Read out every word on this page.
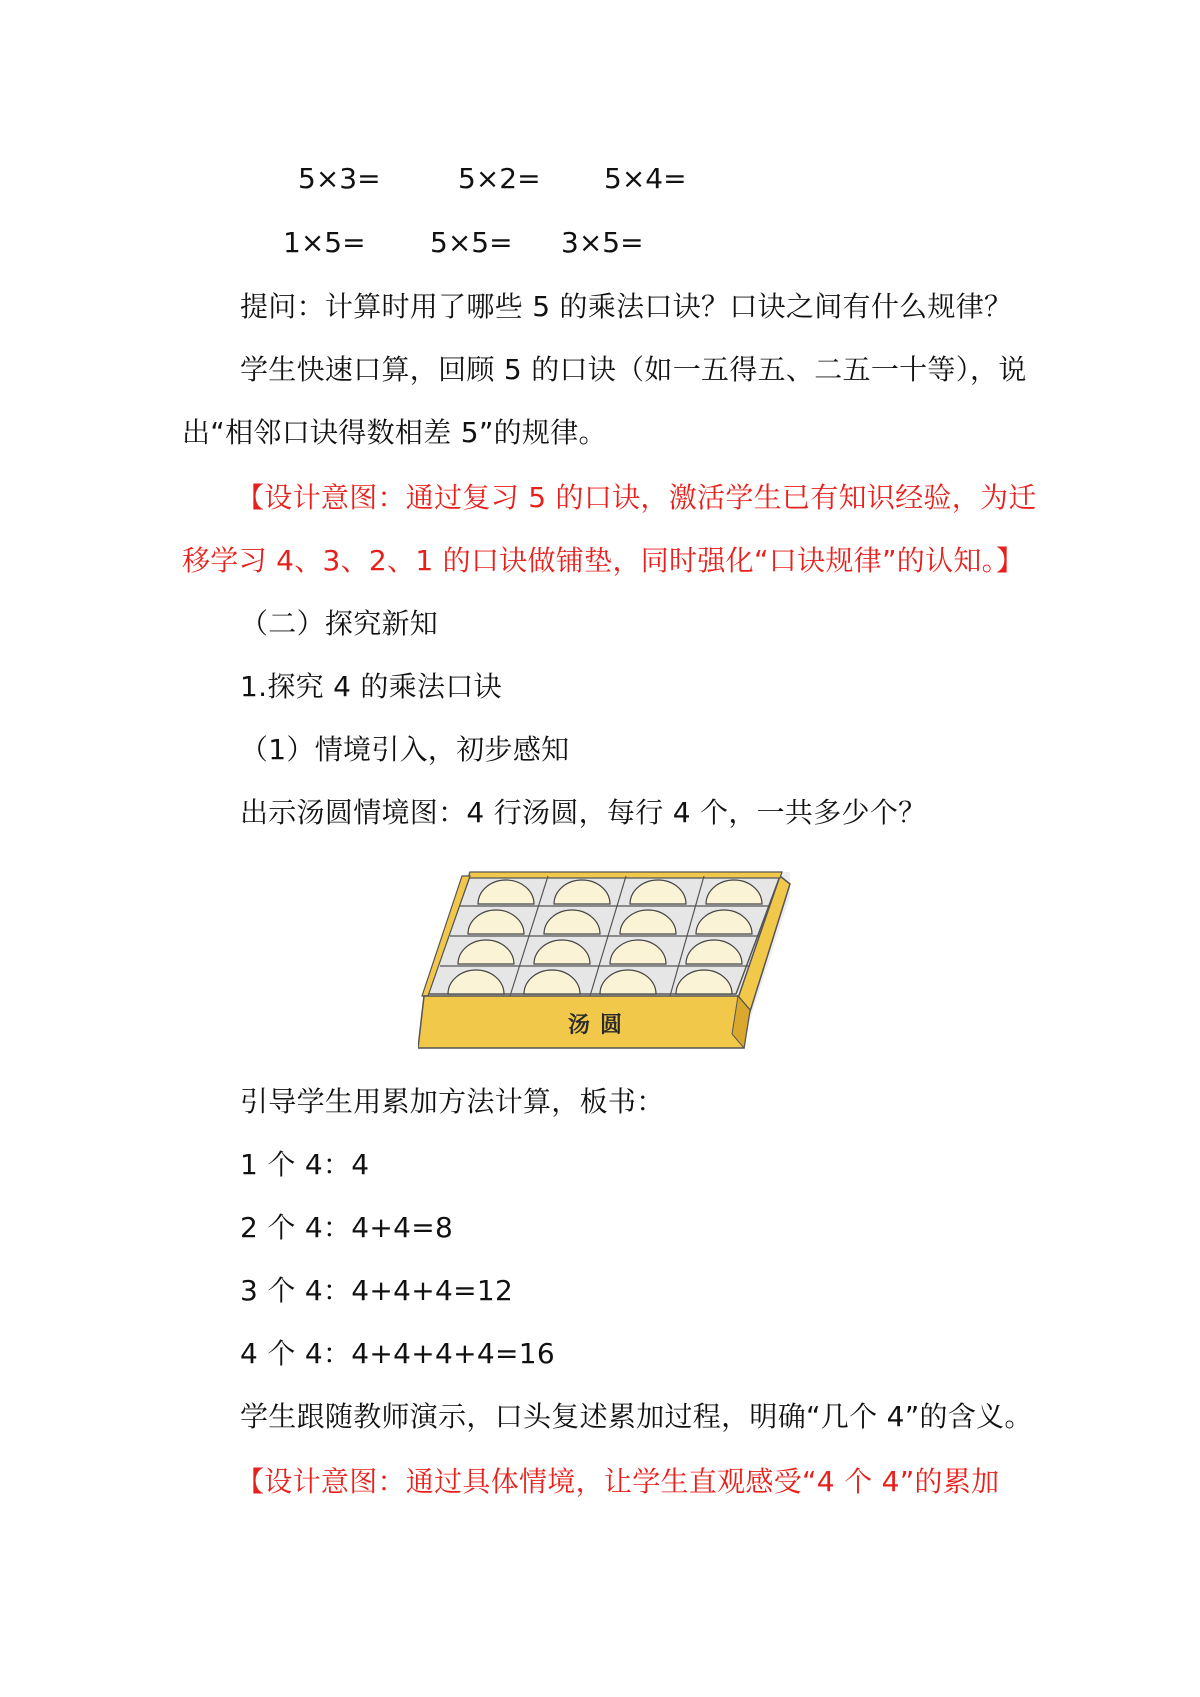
5×3=	5×2= 5×4=
1×5= 5×5= 3×5=
提问：计算时用了哪些 5 的乘法口诀？口诀之间有什么规律？
学生快速口算，回顾 5 的口诀（如一五得五、二五一十等），说
出“相邻口诀得数相差 5”的规律。
【设计意图：通过复习 5 的口诀，激活学生已有知识经验，为迁
移学习 4、3、2、1 的口诀做铺垫，同时强化“口诀规律”的认知。】
（二）探究新知
1.探究 4 的乘法口诀
（1）情境引入，初步感知
出示汤圆情境图：4 行汤圆，每行 4 个，一共多少个？
汤圆
引导学生用累加方法计算，板书：
1 个 4：4
2 个 4：4+4=8
3 个 4：4+4+4=12
4 个 4：4+4+4+4=16
学生跟随教师演示，口头复述累加过程，明确“几个 4”的含义。
【设计意图：通过具体情境，让学生直观感受“4 个 4”的累加
